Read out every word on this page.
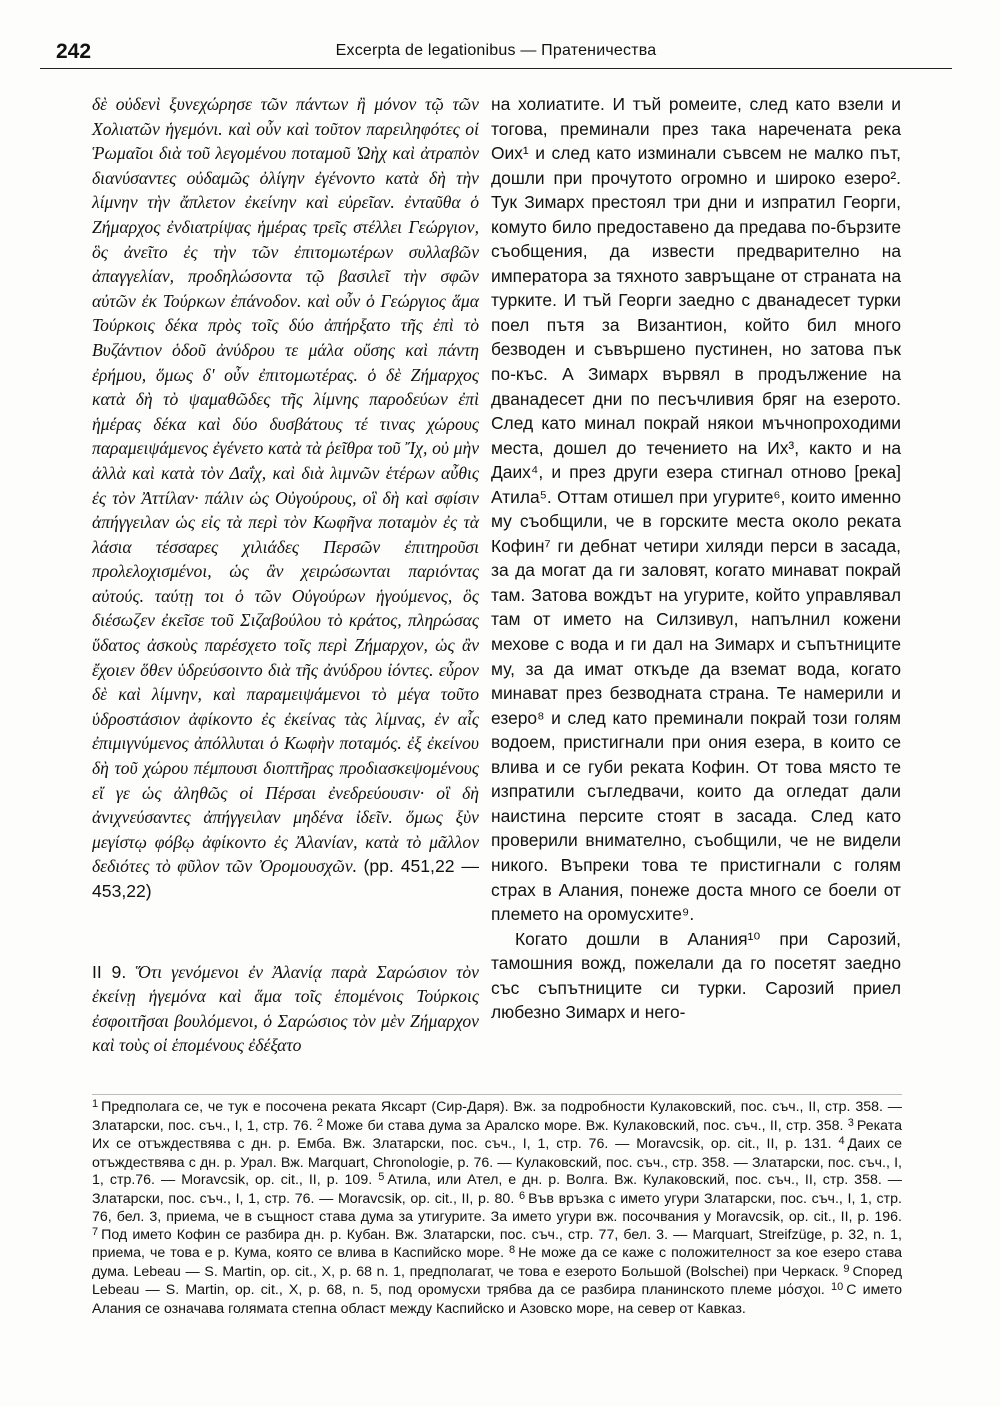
242	Excerpta de legationibus — Пратеничества

δὲ οὐδενὶ ξυνεχώρησε τῶν πάντων ἢ μόνον τῷ τῶν Χολιατῶν ἡγεμόνι. καὶ οὖν καὶ τοῦτον παρειληφότες οἱ Ῥωμαῖοι διὰ τοῦ λεγομένου ποταμοῦ Ὠὴχ καὶ ἀτραπὸν διανύσαντες οὐδαμῶς ὀλίγην ἐγένοντο κατὰ δὴ τὴν λίμνην τὴν ἄπλετον ἐκείνην καὶ εὐρεῖαν. ἐνταῦθα ὁ Ζήμαρχος ἐνδιατρίψας ἡμέρας τρεῖς στέλλει Γεώργιον, ὃς ἀνεῖτο ἐς τὴν τῶν ἐπιτομωτέρων συλλαβῶν ἀπαγγελίαν, προδηλώσοντα τῷ βασιλεῖ τὴν σφῶν αὐτῶν ἐκ Τούρκων ἐπάνοδον. καὶ οὖν ὁ Γεώργιος ἅμα Τούρκοις δέκα πρὸς τοῖς δύο ἀπήρξατο τῆς ἐπὶ τὸ Βυζάντιον ὁδοῦ ἀνύδρου τε μάλα οὔσης καὶ πάντη ἐρήμου, ὅμως δ' οὖν ἐπιτομωτέρας. ὁ δὲ Ζήμαρχος κατὰ δὴ τὸ ψαμαθῶδες τῆς λίμνης παροδεύων ἐπὶ ἡμέρας δέκα καὶ δύο δυσβάτους τέ τινας χώρους παραμειψάμενος ἐγένετο κατὰ τὰ ῥεῖθρα τοῦ Ἴχ, οὐ μὴν ἀλλὰ καὶ κατὰ τὸν Δαΐχ, καὶ διὰ λιμνῶν ἑτέρων αὖθις ἐς τὸν Ἀττίλαν· πάλιν ὡς Οὐγούρους, οἳ δὴ καὶ σφίσιν ἀπήγγειλαν ὡς εἰς τὰ περὶ τὸν Κωφῆνα ποταμὸν ἐς τὰ λάσια τέσσαρες χιλιάδες Περσῶν ἐπιτηροῦσι προλελοχισμένοι, ὡς ἂν χειρώσωνται παριόντας αὐτούς. ταύτῃ τοι ὁ τῶν Οὐγούρων ἡγούμενος, ὃς διέσωζεν ἐκεῖσε τοῦ Σιζαβούλου τὸ κράτος, πληρώσας ὕδατος ἀσκοὺς παρέσχετο τοῖς περὶ Ζήμαρχον, ὡς ἂν ἔχοιεν ὅθεν ὑδρεύσοιντο διὰ τῆς ἀνύδρου ἰόντες. εὗρον δὲ καὶ λίμνην, καὶ παραμειψάμενοι τὸ μέγα τοῦτο ὑδροστάσιον ἀφίκοντο ἐς ἐκείνας τὰς λίμνας, ἐν αἷς ἐπιμιγνύμενος ἀπόλλυται ὁ Κωφὴν ποταμός. ἐξ ἐκείνου δὴ τοῦ χώρου πέμπουσι διοπτῆρας προδιασκεψομένους εἴ γε ὡς ἀληθῶς οἱ Πέρσαι ἐνεδρεύουσιν· οἳ δὴ ἀνιχνεύσαντες ἀπήγγειλαν μηδένα ἰδεῖν. ὅμως ξὺν μεγίστῳ φόβῳ ἀφίκοντο ἐς Ἀλανίαν, κατὰ τὸ μᾶλλον δεδιότες τὸ φῦλον τῶν Ὀρομουσχῶν. (pp. 451,22 — 453,22)

II 9. Ὅτι γενόμενοι ἐν Ἀλανίᾳ παρὰ Σαρώσιον τὸν ἐκείνῃ ἡγεμόνα καὶ ἅμα τοῖς ἑπομένοις Τούρκοις ἐσφοιτῆσαι βουλόμενοι, ὁ Σαρώσιος τὸν μὲν Ζήμαρχον καὶ τοὺς οἱ ἑπομένους ἐδέξατο

на холиатите. И тъй ромеите, след като взели и тогова, преминали през така наречената река Оих¹ и след като изминали съвсем не малко път, дошли при прочутото огромно и широко езеро². Тук Зимарх престоял три дни и изпратил Георги, комуто било предоставено да предава по-бързите съобщения, да извести предварително на императора за тяхното завръщане от страната на турките. И тъй Георги заедно с дванадесет турки поел пътя за Византион, който бил много безводен и съвършено пустинен, но затова пък по-къс. А Зимарх вървял в продължение на дванадесет дни по песъчливия бряг на езерото. След като минал покрай някои мъчнопроходими места, дошел до течението на Их³, както и на Даих⁴, и през други езера стигнал отново [река] Атила⁵. Оттам отишел при угурите⁶, които именно му съобщили, че в горските места около реката Кофин⁷ ги дебнат четири хиляди перси в засада, за да могат да ги заловят, когато минават покрай там. Затова вождът на угурите, който управлявал там от името на Силзивул, напълнил кожени мехове с вода и ги дал на Зимарх и съпътниците му, за да имат откъде да вземат вода, когато минават през безводната страна. Те намерили и езеро⁸ и след като преминали покрай този голям водоем, пристигнали при ония езера, в които се влива и се губи реката Кофин. От това място те изпратили съгледвачи, които да огледат дали наистина персите стоят в засада. След като проверили внимателно, съобщили, че не видели никого. Въпреки това те пристигнали с голям страх в Алания, понеже доста много се боели от племето на оромусхите⁹.

Когато дошли в Алания¹⁰ при Сарозий, тамошния вожд, пожелали да го посетят заедно със съпътниците си турки. Сарозий приел любезно Зимарх и него-

$^1$ Предполага се, че тук е посочена реката Яксарт (Сир-Даря). Вж. за подробности Кулаковский, пос. съч., II, стр. 358. — Златарски, пос. съч., I, 1, стр. 76. $^2$ Може би става дума за Аралско море. Вж. Кулаковский, пос. съч., II, стр. 358. $^3$ Реката Их се отъждествява с дн. р. Емба. Вж. Златарски, пос. съч., I, 1, стр. 76. — Moravcsik, op. cit., II, p. 131. $^4$ Даих се отъждествява с дн. р. Урал. Вж. Marquart, Chronologie, p. 76. — Кулаковский, пос. съч., стр. 358. — Златарски, пос. съч., I, 1, стр.76. — Moravcsik, op. cit., II, p. 109. $^5$ Атила, или Ател, е дн. р. Волга. Вж. Кулаковский, пос. съч., II, стр. 358. — Златарски, пос. съч., I, 1, стр. 76. — Moravcsik, op. cit., II, p. 80. $^6$ Във връзка с името угури Златарски, пос. съч., I, 1, стр. 76, бел. 3, приема, че в същност става дума за утигурите. За името угури вж. посочвания у Moravcsik, op. cit., II, p. 196. $^7$ Под името Кофин се разбира дн. р. Кубан. Вж. Златарски, пос. съч., стр. 77, бел. 3. — Marquart, Streifzüge, p. 32, n. 1, приема, че това е р. Кума, която се влива в Каспийско море. $^8$ Не може да се каже с положителност за кое езеро става дума. Lebeau — S. Martin, op. cit., X, p. 68 n. 1, предполагат, че това е езерото Большой (Воlsсhei) при Черкаск. $^9$ Според Lebeau — S. Martin, op. cit., X, p. 68, n. 5, под оромусхи трябва да се разбира планинското племе μόσχοι. $^{10}$ С името Алания се означава голямата степна област между Каспийско и Азовско море, на север от Кавказ.
